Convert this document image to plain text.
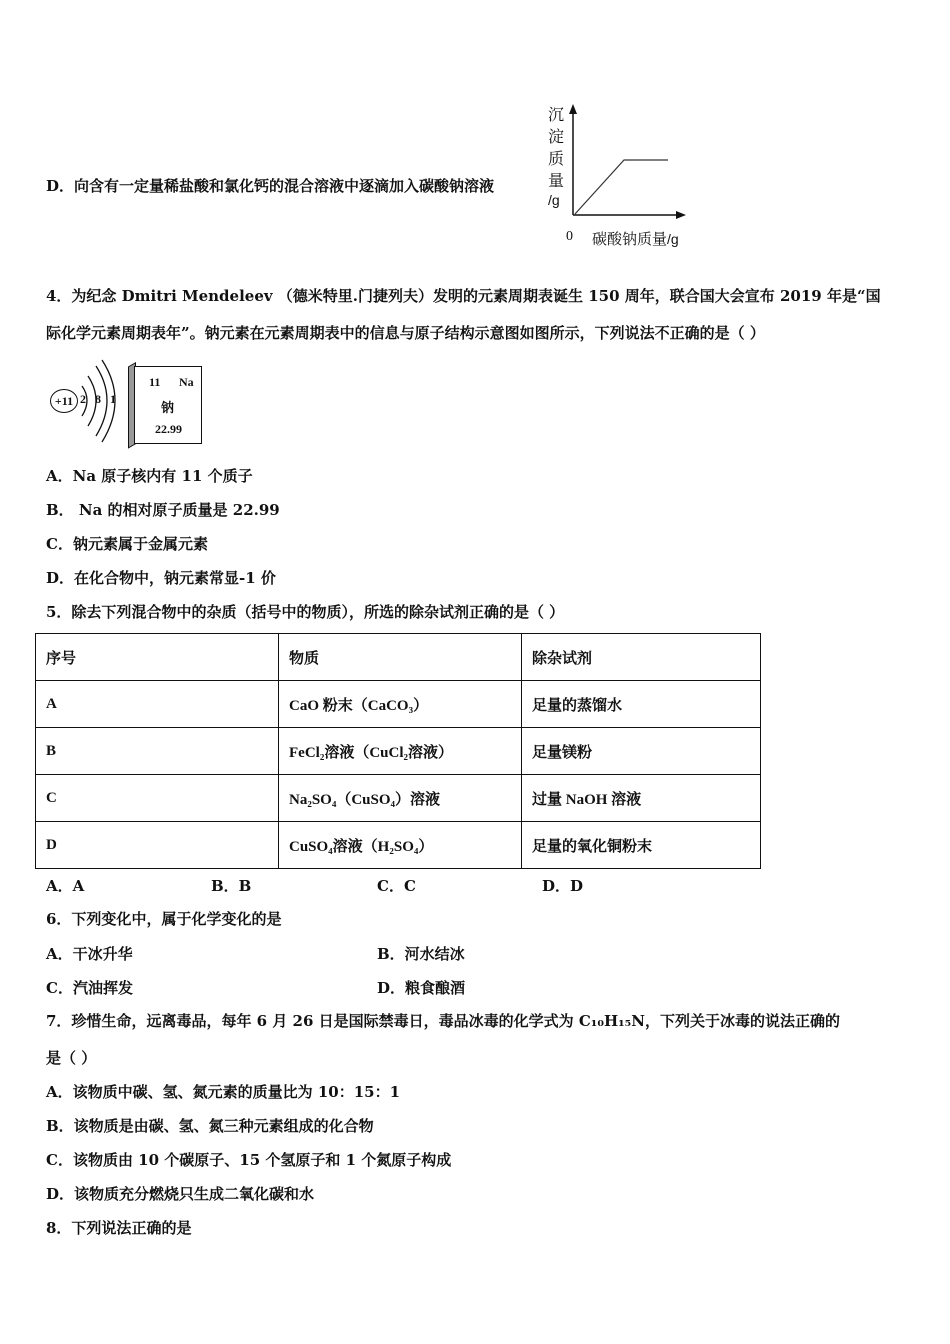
D．向含有一定量稀盐酸和氯化钙的混合溶液中逐滴加入碳酸钠溶液
沉淀质量
/g
0 碳酸钠质量/g
4．为纪念 Dmitri Mendeleev （德米特里.门捷列夫）发明的元素周期表诞生 150 周年，联合国大会宣布 2019 年是“国
际化学元素周期表年”。钠元素在元素周期表中的信息与原子结构示意图如图所示，下列说法不正确的是（ ）
+11 2 8 1
11 Na
钠
22.99
A．Na 原子核内有 11 个质子
B． Na 的相对原子质量是 22.99
C．钠元素属于金属元素
D．在化合物中，钠元素常显-1 价
5．除去下列混合物中的杂质（括号中的物质），所选的除杂试剂正确的是（ ）
序号	物质	除杂试剂
A	CaO 粉末（CaCO₃）	足量的蒸馏水
B	FeCl₂溶液（CuCl₂溶液）	足量镁粉
C	Na₂SO₄（CuSO₄）溶液	过量 NaOH 溶液
D	CuSO₄溶液（H₂SO₄）	足量的氧化铜粉末
A．A	B．B	C．C	D．D
6．下列变化中，属于化学变化的是
A．干冰升华	B．河水结冰
C．汽油挥发	D．粮食酿酒
7．珍惜生命，远离毒品，每年 6 月 26 日是国际禁毒日，毒品冰毒的化学式为 C₁₀H₁₅N，下列关于冰毒的说法正确的
是（ ）
A．该物质中碳、氢、氮元素的质量比为 10：15：1
B．该物质是由碳、氢、氮三种元素组成的化合物
C．该物质由 10 个碳原子、15 个氢原子和 1 个氮原子构成
D．该物质充分燃烧只生成二氧化碳和水
8．下列说法正确的是
